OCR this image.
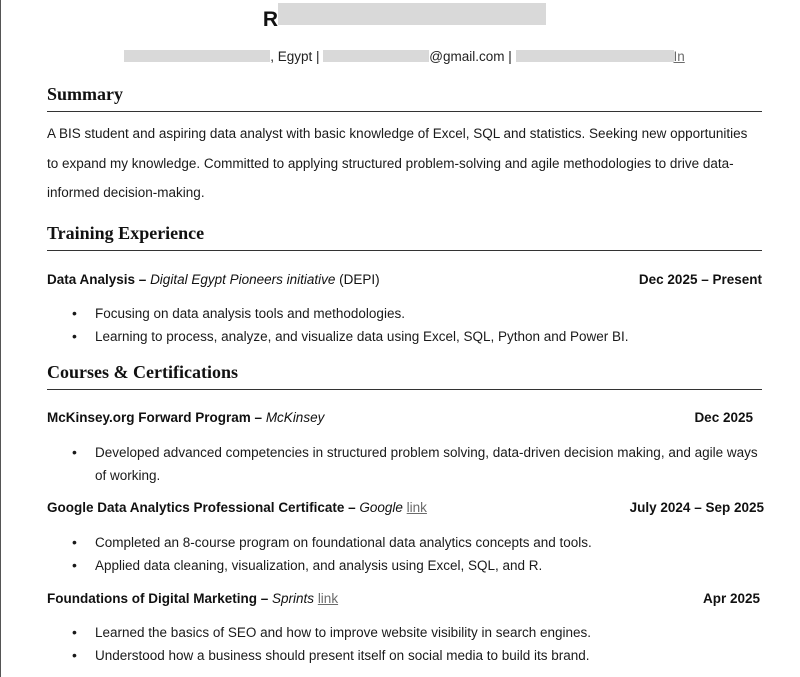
R
, Egypt |	@gmail.com |	In
Summary
A BIS student and aspiring data analyst with basic knowledge of Excel, SQL and statistics. Seeking new opportunities to expand my knowledge. Committed to applying structured problem-solving and agile methodologies to drive data-informed decision-making.
Training Experience
Data Analysis – Digital Egypt Pioneers initiative (DEPI)	Dec 2025 – Present
• Focusing on data analysis tools and methodologies.
• Learning to process, analyze, and visualize data using Excel, SQL, Python and Power BI.
Courses & Certifications
McKinsey.org Forward Program – McKinsey	Dec 2025
• Developed advanced competencies in structured problem solving, data-driven decision making, and agile ways of working.
Google Data Analytics Professional Certificate – Google link	July 2024 – Sep 2025
• Completed an 8-course program on foundational data analytics concepts and tools.
• Applied data cleaning, visualization, and analysis using Excel, SQL, and R.
Foundations of Digital Marketing – Sprints link	Apr 2025
• Learned the basics of SEO and how to improve website visibility in search engines.
• Understood how a business should present itself on social media to build its brand.
